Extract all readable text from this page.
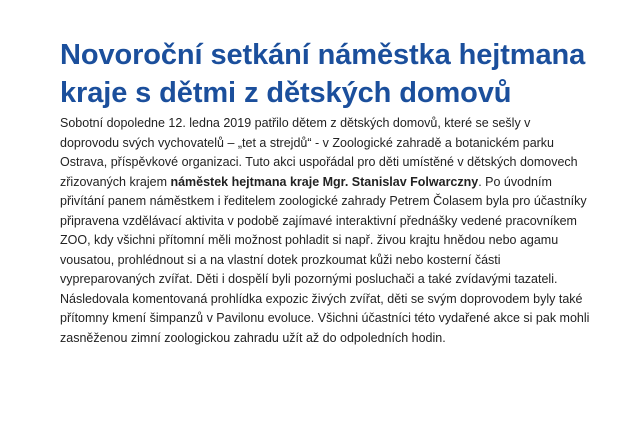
Novoroční setkání náměstka hejtmana kraje s dětmi z dětských domovů

Sobotní dopoledne 12. ledna 2019 patřilo dětem z dětských domovů, které se sešly v doprovodu svých vychovatelů – „tet a strejdů“ - v Zoologické zahradě a botanickém parku Ostrava, příspěvkové organizaci. Tuto akci uspořádal pro děti umístěné v dětských domovech zřizovaných krajem náměstek hejtmana kraje Mgr. Stanislav Folwarczny. Po úvodním přivítání panem náměstkem i ředitelem zoologické zahrady Petrem Čolasem byla pro účastníky připravena vzdělávací aktivita v podobě zajímavé interaktivní přednášky vedené pracovníkem ZOO, kdy všichni přítomní měli možnost pohladit si např. živou krajtu hnědou nebo agamu vousatou, prohlédnout si a na vlastní dotek prozkoumat kůži nebo kosterní části vypreparovaných zvířat. Děti i dospělí byli pozornými posluchači a také zvídavými tazateli. Následovala komentovaná prohlídka expozic živých zvířat, děti se svým doprovodem byly také přítomny kmení šimpanzů v Pavilonu evoluce. Všichni účastníci této vydařené akce si pak mohli zasněženou zimní zoologickou zahradu užít až do odpoledních hodin.
